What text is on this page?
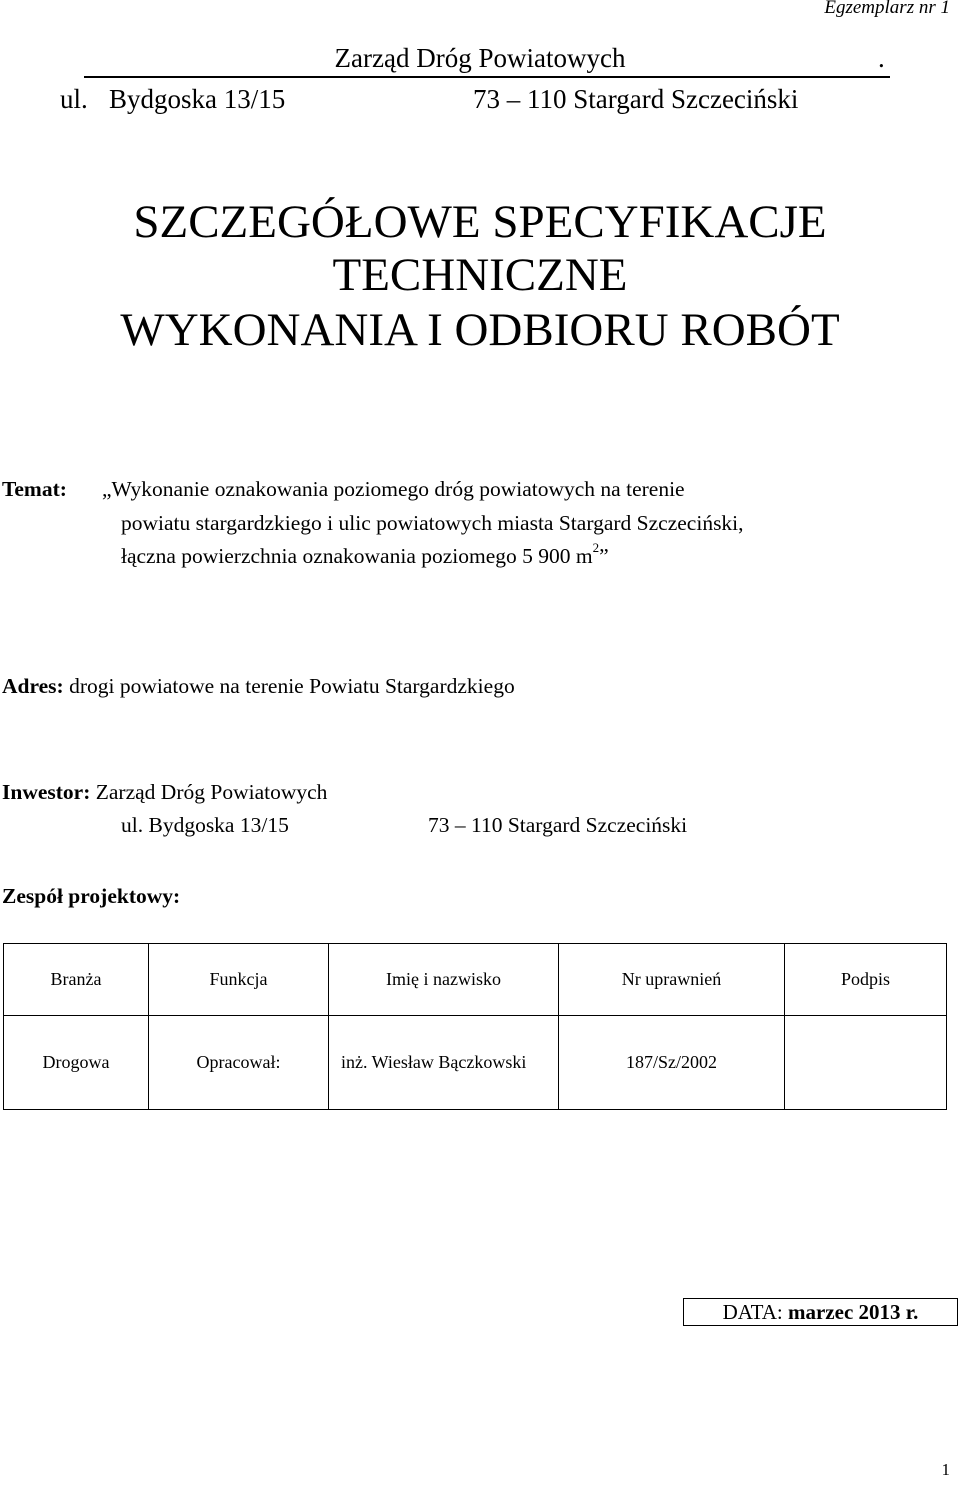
Egzemplarz nr 1
Zarząd Dróg Powiatowych	.
ul. Bydgoska 13/15	73 – 110 Stargard Szczeciński
SZCZEGÓŁOWE SPECYFIKACJE
TECHNICZNE
WYKONANIA I ODBIORU ROBÓT
Temat: „Wykonanie oznakowania poziomego dróg powiatowych na terenie
powiatu stargardzkiego i ulic powiatowych miasta Stargard Szczeciński,
łączna powierzchnia oznakowania poziomego 5 900 $m^2$”
Adres: drogi powiatowe na terenie Powiatu Stargardzkiego
Inwestor: Zarząd Dróg Powiatowych
ul. Bydgoska 13/15	73 – 110 Stargard Szczeciński
Zespół projektowy:
Branża	Funkcja	Imię i nazwisko	Nr uprawnień	Podpis
Drogowa	Opracował:	inż. Wiesław Bączkowski	187/Sz/2002	
DATA: marzec 2013 r.
1
